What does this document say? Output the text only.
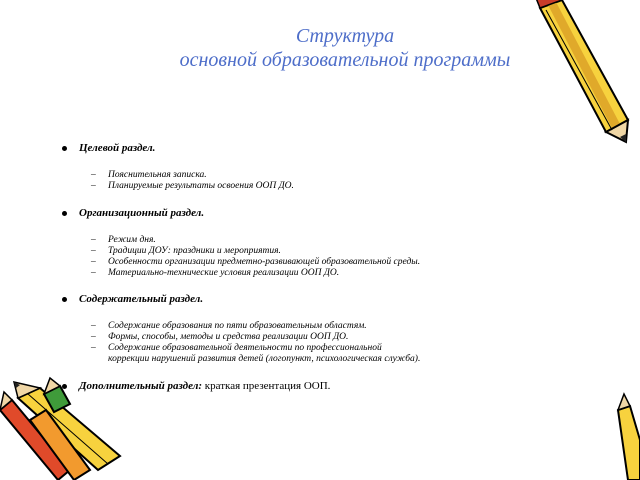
Структура
основной образовательной программы
Целевой раздел.
– Пояснительная записка.
– Планируемые результаты освоения ООП ДО.
Организационный раздел.
– Режим дня.
– Традиции ДОУ: праздники и мероприятия.
– Особенности организации предметно-развивающей образовательной среды.
– Материально-технические условия реализации ООП ДО.
Содержательный раздел.
– Содержание образования по пяти образовательным областям.
– Формы, способы, методы и средства реализации ООП ДО.
– Содержание образовательной деятельности по профессиональной
коррекции нарушений развития детей (логопункт, психологическая служба).
Дополнительный раздел: краткая презентация ООП.
